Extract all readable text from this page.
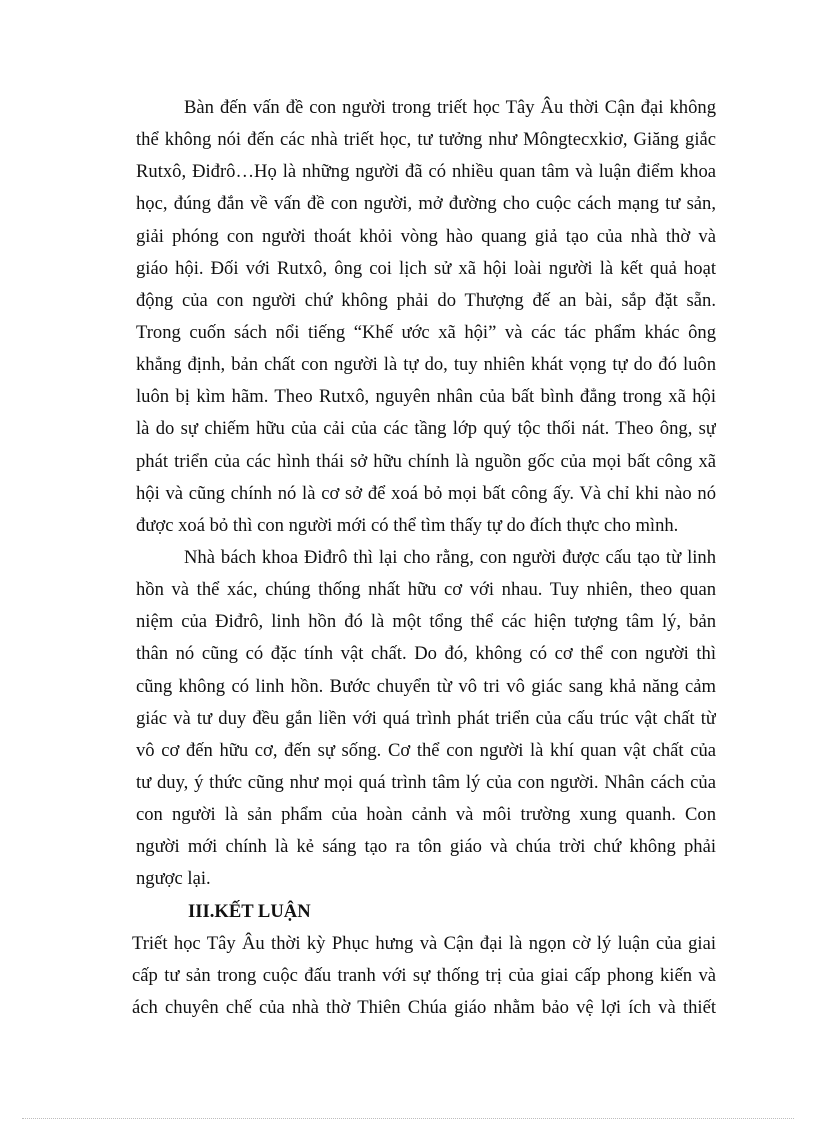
Bàn đến vấn đề con người trong triết học Tây Âu thời Cận đại không
thể không nói đến các nhà triết học, tư tưởng như Môngtecxkiơ, Giăng giắc
Rutxô, Điđrô…Họ là những người đã có nhiều quan tâm và luận điểm khoa
học, đúng đắn về vấn đề con người, mở đường cho cuộc cách mạng tư sản,
giải phóng con người thoát khỏi vòng hào quang giả tạo của nhà thờ và
giáo hội. Đối với Rutxô, ông coi lịch sử xã hội loài người là kết quả hoạt
động của con người chứ không phải do Thượng đế an bài, sắp đặt sẵn.
Trong cuốn sách nổi tiếng “Khế ước xã hội” và các tác phẩm khác ông
khẳng định, bản chất con người là tự do, tuy nhiên khát vọng tự do đó luôn
luôn bị kìm hãm. Theo Rutxô, nguyên nhân của bất bình đẳng trong xã hội
là do sự chiếm hữu của cải của các tầng lớp quý tộc thối nát. Theo ông, sự
phát triển của các hình thái sở hữu chính là nguồn gốc của mọi bất công xã
hội và cũng chính nó là cơ sở để xoá bỏ mọi bất công ấy. Và chỉ khi nào nó
được xoá bỏ thì con người mới có thể tìm thấy tự do đích thực cho mình.
Nhà bách khoa Điđrô thì lại cho rằng, con người được cấu tạo từ linh
hồn và thể xác, chúng thống nhất hữu cơ với nhau. Tuy nhiên, theo quan
niệm của Điđrô, linh hồn đó là một tổng thể các hiện tượng tâm lý, bản
thân nó cũng có đặc tính vật chất. Do đó, không có cơ thể con người thì
cũng không có linh hồn. Bước chuyển từ vô tri vô giác sang khả năng cảm
giác và tư duy đều gắn liền với quá trình phát triển của cấu trúc vật chất từ
vô cơ đến hữu cơ, đến sự sống. Cơ thể con người là khí quan vật chất của
tư duy, ý thức cũng như mọi quá trình tâm lý của con người. Nhân cách của
con người là sản phẩm của hoàn cảnh và môi trường xung quanh. Con
người mới chính là kẻ sáng tạo ra tôn giáo và chúa trời chứ không phải
ngược lại.
III.KẾT LUẬN
Triết học Tây Âu thời kỳ Phục hưng và Cận đại là ngọn cờ lý luận của giai
cấp tư sản trong cuộc đấu tranh với sự thống trị của giai cấp phong kiến và
ách chuyên chế của nhà thờ Thiên Chúa giáo nhằm bảo vệ lợi ích và thiết
